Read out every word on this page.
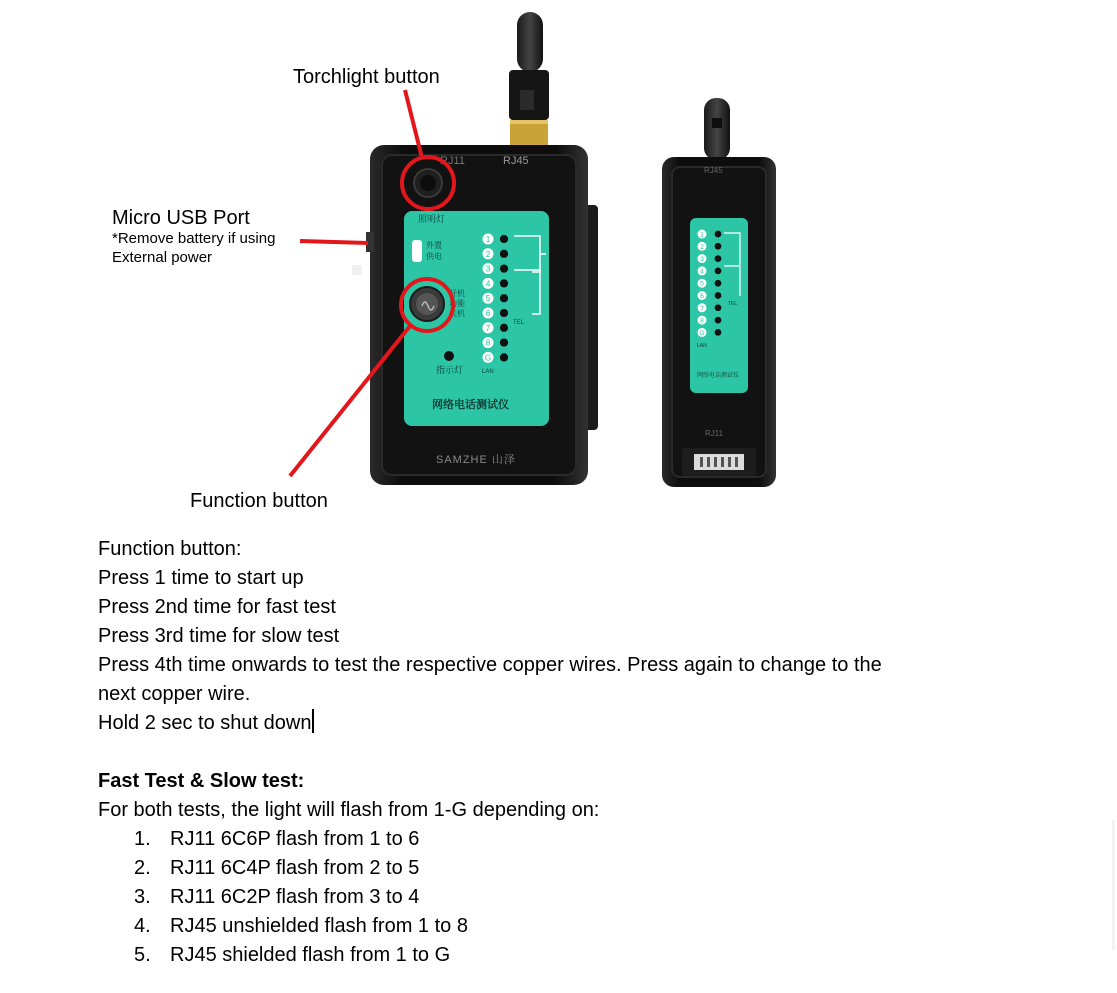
RJ11	RJ45
照明灯
外置
供电
开机
功能
关机
指示灯
1
2
3
4
5
6
7
8
G
TEL
LAN
网络电话测试仪
SAMZHE 山泽
RJ45
1
2
3
4
5
6
7
8
G
TEL
LAN
网络电话测试仪
RJ11
Torchlight button
Micro USB Port
*Remove battery if using
External power
Function button

Function button:

Press 1 time to start up

Press 2nd time for fast test

Press 3rd time for slow test

Press 4th time onwards to test the respective copper wires. Press again to change to the

next copper wire.

Hold 2 sec to shut down

Fast Test & Slow test:

For both tests, the light will flash from 1-G depending on:

1. RJ11 6C6P flash from 1 to 6
2. RJ11 6C4P flash from 2 to 5
3. RJ11 6C2P flash from 3 to 4
4. RJ45 unshielded flash from 1 to 8
5. RJ45 shielded flash from 1 to G
